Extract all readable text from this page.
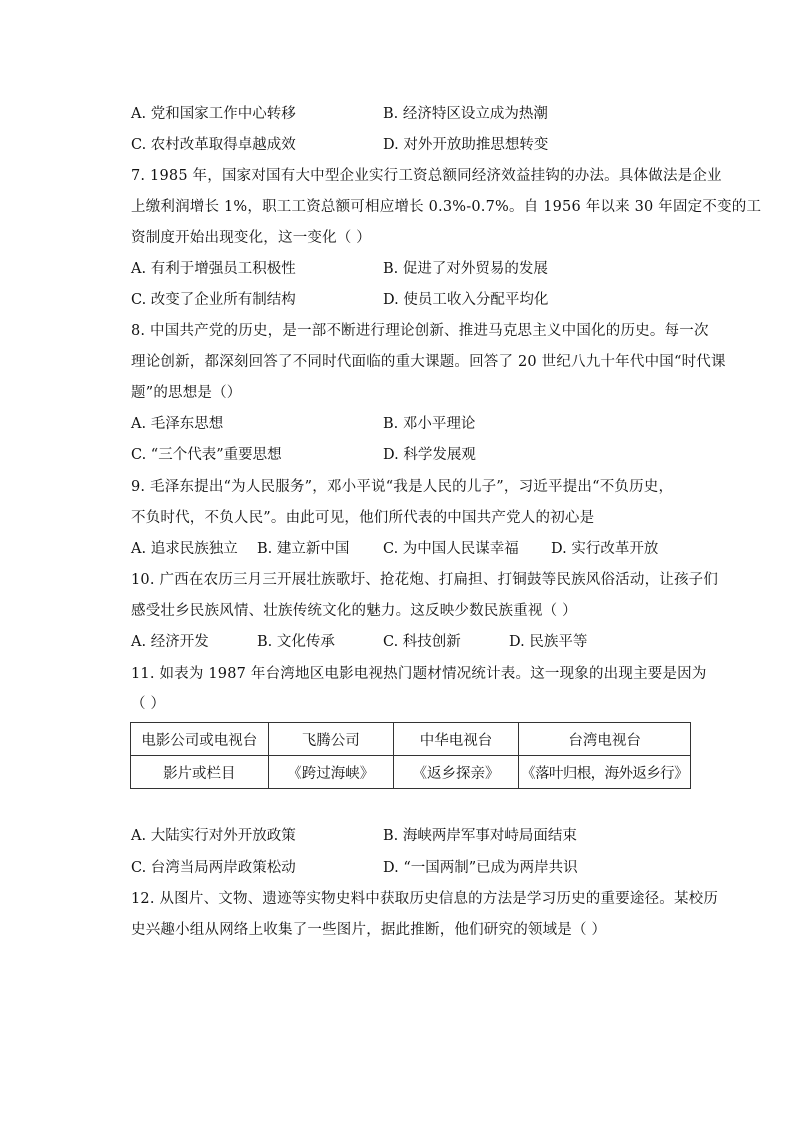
A. 党和国家工作中心转移	B. 经济特区设立成为热潮
C. 农村改革取得卓越成效	D. 对外开放助推思想转变
7. 1985 年，国家对国有大中型企业实行工资总额同经济效益挂钩的办法。具体做法是企业
上缴利润增长 1%，职工工资总额可相应增长 0.3%-0.7%。自 1956 年以来 30 年固定不变的工
资制度开始出现变化，这一变化（ ）
A. 有利于增强员工积极性	B. 促进了对外贸易的发展
C. 改变了企业所有制结构	D. 使员工收入分配平均化
8. 中国共产党的历史，是一部不断进行理论创新、推进马克思主义中国化的历史。每一次
理论创新，都深刻回答了不同时代面临的重大课题。回答了 20 世纪八九十年代中国“时代课
题”的思想是（）
A. 毛泽东思想	B. 邓小平理论
C. “三个代表”重要思想	D. 科学发展观
9. 毛泽东提出“为人民服务”，邓小平说“我是人民的儿子”，习近平提出“不负历史，
不负时代，不负人民”。由此可见，他们所代表的中国共产党人的初心是
A. 追求民族独立 B. 建立新中国 C. 为中国人民谋幸福 D. 实行改革开放
10. 广西在农历三月三开展壮族歌圩、抢花炮、打扁担、打铜鼓等民族风俗活动，让孩子们
感受壮乡民族风情、壮族传统文化的魅力。这反映少数民族重视（ ）
A. 经济开发	B. 文化传承	C. 科技创新	D. 民族平等
11. 如表为 1987 年台湾地区电影电视热门题材情况统计表。这一现象的出现主要是因为
（ ）
电影公司或电视台	飞腾公司	中华电视台	台湾电视台
影片或栏目	《跨过海峡》	《返乡探亲》	《落叶归根，海外返乡行》
A. 大陆实行对外开放政策	B. 海峡两岸军事对峙局面结束
C. 台湾当局两岸政策松动	D. “一国两制”已成为两岸共识
12. 从图片、文物、遗迹等实物史料中获取历史信息的方法是学习历史的重要途径。某校历
史兴趣小组从网络上收集了一些图片，据此推断，他们研究的领域是（ ）
